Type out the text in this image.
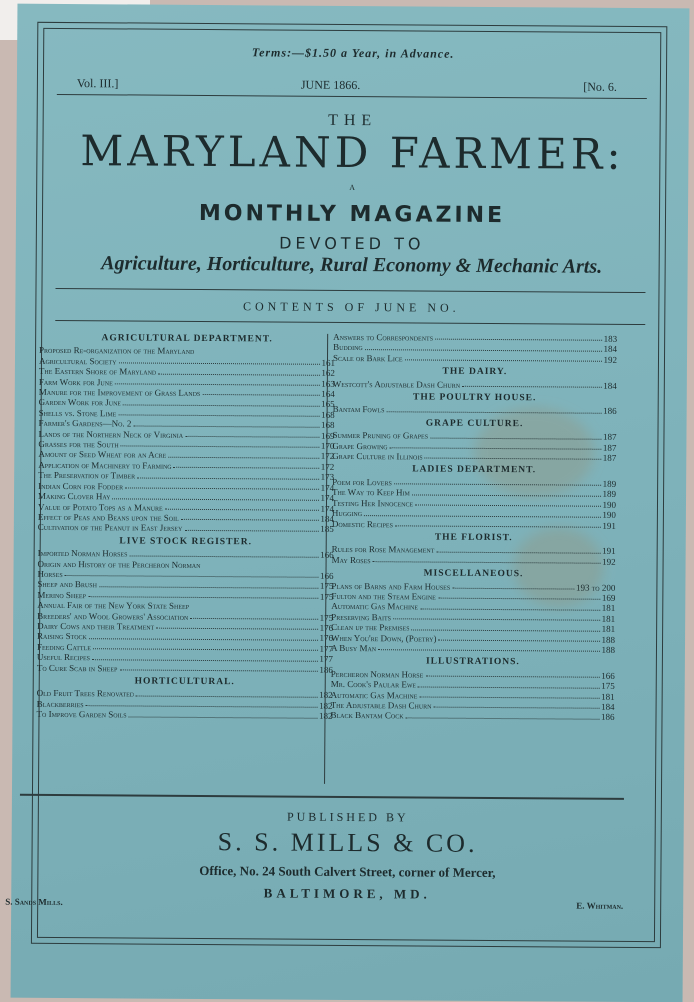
Terms:—$1.50 a Year, in Advance.
Vol. III.]	JUNE 1866.	[No. 6.
THE
MARYLAND FARMER:
A
MONTHLY MAGAZINE
DEVOTED TO
Agriculture, Horticulture, Rural Economy & Mechanic Arts.
CONTENTS OF JUNE NO.
AGRICULTURAL DEPARTMENT.
Proposed Re-organization of the Maryland
Agricultural Society	161
The Eastern Shore of Maryland	162
Farm Work for June	163
Manure for the Improvement of Grass Lands	164
Garden Work for June	165
Shells vs. Stone Lime	168
Farmer's Gardens—No. 2	168
Lands of the Northern Neck of Virginia	169
Grasses for the South	170
Amount of Seed Wheat for an Acre	172
Application of Machinery to Farming	172
The Preservation of Timber	173
Indian Corn for Fodder	174
Making Clover Hay	174
Value of Potato Tops as a Manure	174
Effect of Peas and Beans upon the Soil	184
Cultivation of the Peanut in East Jersey	185
LIVE STOCK REGISTER.
Imported Norman Horses	166
Origin and History of the Percheron Norman
Horses	166
Sheep and Brush	175
Merino Sheep	175
Annual Fair of the New York State Sheep
Breeders' and Wool Growers' Association	175
Dairy Cows and their Treatment	176
Raising Stock	176
Feeding Cattle	177
Useful Recipes	177
To Cure Scab in Sheep	186
HORTICULTURAL.
Old Fruit Trees Renovated	182
Blackberries	182
To Improve Garden Soils	182
Answers to Correspondents	183
Budding	184
Scale or Bark Lice	192
THE DAIRY.
Westcott's Adjustable Dash Churn	184
THE POULTRY HOUSE.
Bantam Fowls	186
GRAPE CULTURE.
Summer Pruning of Grapes	187
Grape Growing	187
Grape Culture in Illinois	187
LADIES DEPARTMENT.
Poem for Lovers	189
The Way to Keep Him	189
Testing Her Innocence	190
Hugging	190
Domestic Recipes	191
THE FLORIST.
Rules for Rose Management	191
May Roses	192
MISCELLANEOUS.
Plans of Barns and Farm Houses	193 to 200
Fulton and the Steam Engine	169
Automatic Gas Machine	181
Preserving Baits	181
Clean up the Premises	181
When You're Down, (Poetry)	188
A Busy Man	188
ILLUSTRATIONS.
Percheron Norman Horse	166
Mr. Cook's Paular Ewe	175
Automatic Gas Machine	181
The Adjustable Dash Churn	184
Black Bantam Cock	186
PUBLISHED BY
S. S. MILLS & CO.
Office, No. 24 South Calvert Street, corner of Mercer,
BALTIMORE, MD.
S. Sands Mills.	E. Whitman.
